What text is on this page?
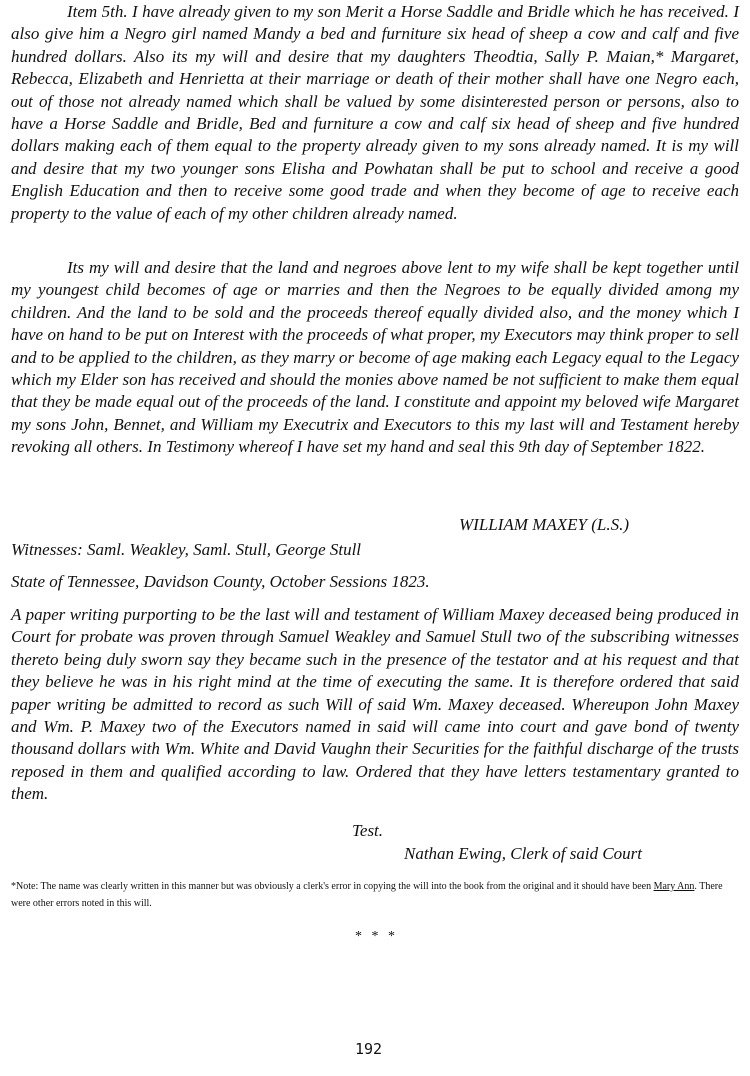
Item 5th. I have already given to my son Merit a Horse Saddle and Bridle which he has received. I also give him a Negro girl named Mandy a bed and furniture six head of sheep a cow and calf and five hundred dollars. Also its my will and desire that my daughters Theodtia, Sally P. Maian,* Margaret, Rebecca, Elizabeth and Henrietta at their marriage or death of their mother shall have one Negro each, out of those not already named which shall be valued by some disinterested person or persons, also to have a Horse Saddle and Bridle, Bed and furniture a cow and calf six head of sheep and five hundred dollars making each of them equal to the property already given to my sons already named. It is my will and desire that my two younger sons Elisha and Powhatan shall be put to school and receive a good English Education and then to receive some good trade and when they become of age to receive each property to the value of each of my other children already named.

Its my will and desire that the land and negroes above lent to my wife shall be kept together until my youngest child becomes of age or marries and then the Negroes to be equally divided among my children. And the land to be sold and the proceeds thereof equally divided also, and the money which I have on hand to be put on Interest with the proceeds of what proper, my Executors may think proper to sell and to be applied to the children, as they marry or become of age making each Legacy equal to the Legacy which my Elder son has received and should the monies above named be not sufficient to make them equal that they be made equal out of the proceeds of the land. I constitute and appoint my beloved wife Margaret my sons John, Bennet, and William my Executrix and Executors to this my last will and Testament hereby revoking all others. In Testimony whereof I have set my hand and seal this 9th day of September 1822.

WILLIAM MAXEY (L.S.)

Witnesses: Saml. Weakley, Saml. Stull, George Stull

State of Tennessee, Davidson County, October Sessions 1823.

A paper writing purporting to be the last will and testament of William Maxey deceased being produced in Court for probate was proven through Samuel Weakley and Samuel Stull two of the subscribing witnesses thereto being duly sworn say they became such in the presence of the testator and at his request and that they believe he was in his right mind at the time of executing the same. It is therefore ordered that said paper writing be admitted to record as such Will of said Wm. Maxey deceased. Whereupon John Maxey and Wm. P. Maxey two of the Executors named in said will came into court and gave bond of twenty thousand dollars with Wm. White and David Vaughn their Securities for the faithful discharge of the trusts reposed in them and qualified according to law. Ordered that they have letters testamentary granted to them.

Test.

Nathan Ewing, Clerk of said Court

*Note: The name was clearly written in this manner but was obviously a clerk's error in copying the will into the book from the original and it should have been Mary Ann. There were other errors noted in this will.

* * *

192
